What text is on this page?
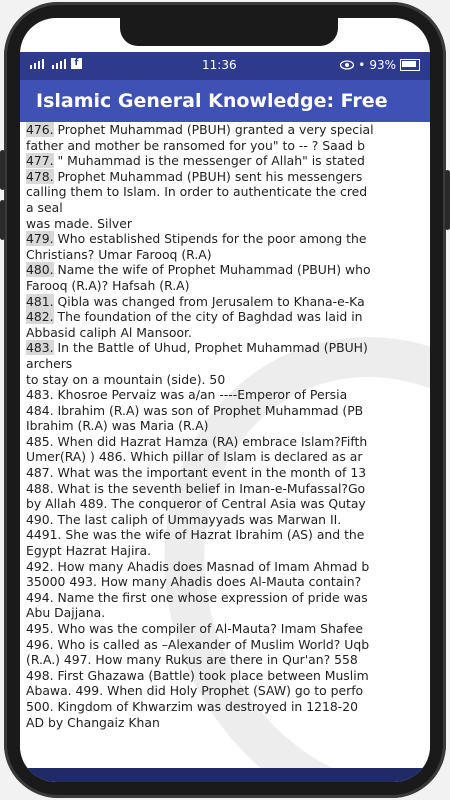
f	11:36	• 93%
Islamic General Knowledge: Free
476. Prophet Muhammad (PBUH) granted a very special
father and mother be ransomed for you" to -- ? Saad b
477. " Muhammad is the messenger of Allah" is stated
478. Prophet Muhammad (PBUH) sent his messengers
calling them to Islam. In order to authenticate the cred
a seal
was made. Silver
479. Who established Stipends for the poor among the
Christians? Umar Farooq (R.A)
480. Name the wife of Prophet Muhammad (PBUH) who
Farooq (R.A)? Hafsah (R.A)
481. Qibla was changed from Jerusalem to Khana-e-Ka
482. The foundation of the city of Baghdad was laid in
Abbasid caliph Al Mansoor.
483. In the Battle of Uhud, Prophet Muhammad (PBUH)
archers
to stay on a mountain (side). 50
483. Khosroe Pervaiz was a/an ----Emperor of Persia
484. Ibrahim (R.A) was son of Prophet Muhammad (PB
Ibrahim (R.A) was Maria (R.A)
485. When did Hazrat Hamza (RA) embrace Islam?Fifth
Umer(RA) ) 486. Which pillar of Islam is declared as ar
487. What was the important event in the month of 13
488. What is the seventh belief in Iman-e-Mufassal?Go
by Allah 489. The conqueror of Central Asia was Qutay
490. The last caliph of Ummayyads was Marwan II.
4491. She was the wife of Hazrat Ibrahim (AS) and the
Egypt Hazrat Hajira.
492. How many Ahadis does Masnad of Imam Ahmad b
35000 493. How many Ahadis does Al-Mauta contain?
494. Name the first one whose expression of pride was
Abu Dajjana.
495. Who was the compiler of Al-Mauta? Imam Shafee
496. Who is called as –Alexander of Muslim World? Uqb
(R.A.) 497. How many Rukus are there in Qur'an? 558
498. First Ghazawa (Battle) took place between Muslim
Abawa. 499. When did Holy Prophet (SAW) go to perfo
500. Kingdom of Khwarzim was destroyed in 1218-20
AD by Changaiz Khan
